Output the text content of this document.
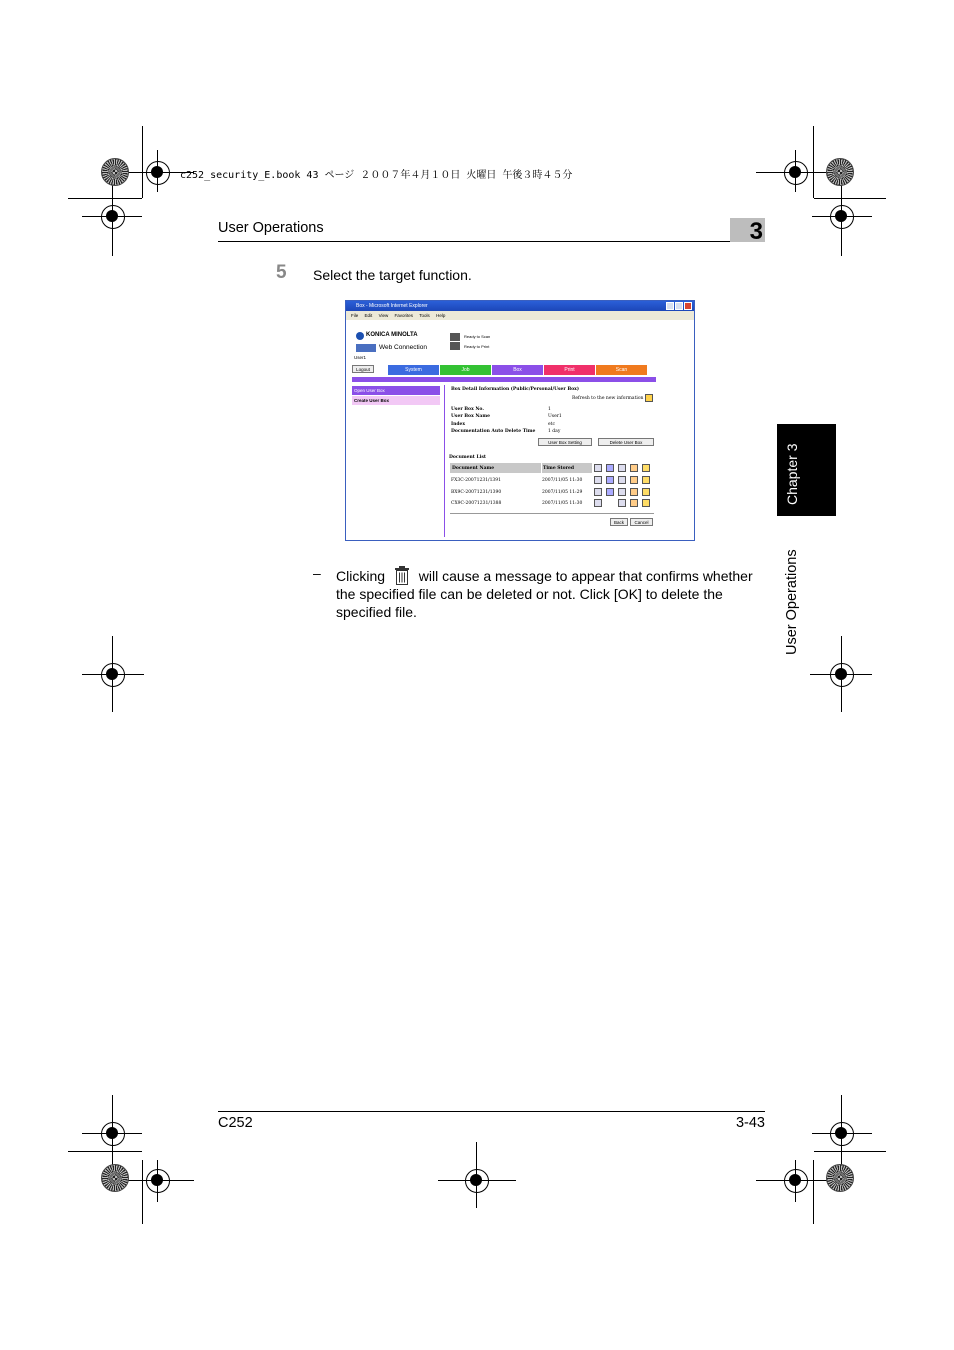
c252_security_E.book 43 ページ ２００７年４月１０日 火曜日 午後３時４５分
User Operations	3
5 Select the target function.
Chapter 3
User Operations
Box - Microsoft Internet Explorer
File Edit View Favorites Tools Help
KONICA MINOLTA
Web Connection
User1
Ready to Scan
Ready to Print
Logout	System	Job	Box	Print	Scan
Open User Box
Create User Box
Box Detail Information (Public/Personal/User Box)
Refresh to the new information
User Box No.	1
User Box Name	User1
Index	etc
Documentation Auto Delete Time	1 day
User Box Setting	Delete User Box
Document List
Document Name	Time Stored
FX3C-20071231/1391	2007/11/05 11:30
BX9C-20071231/1390	2007/11/05 11:29
CX9C-20071231/1388	2007/11/05 11:30
Back	Cancel
– Clicking will cause a message to appear that confirms whether the specified file can be deleted or not. Click [OK] to delete the specified file.
C252	3-43
